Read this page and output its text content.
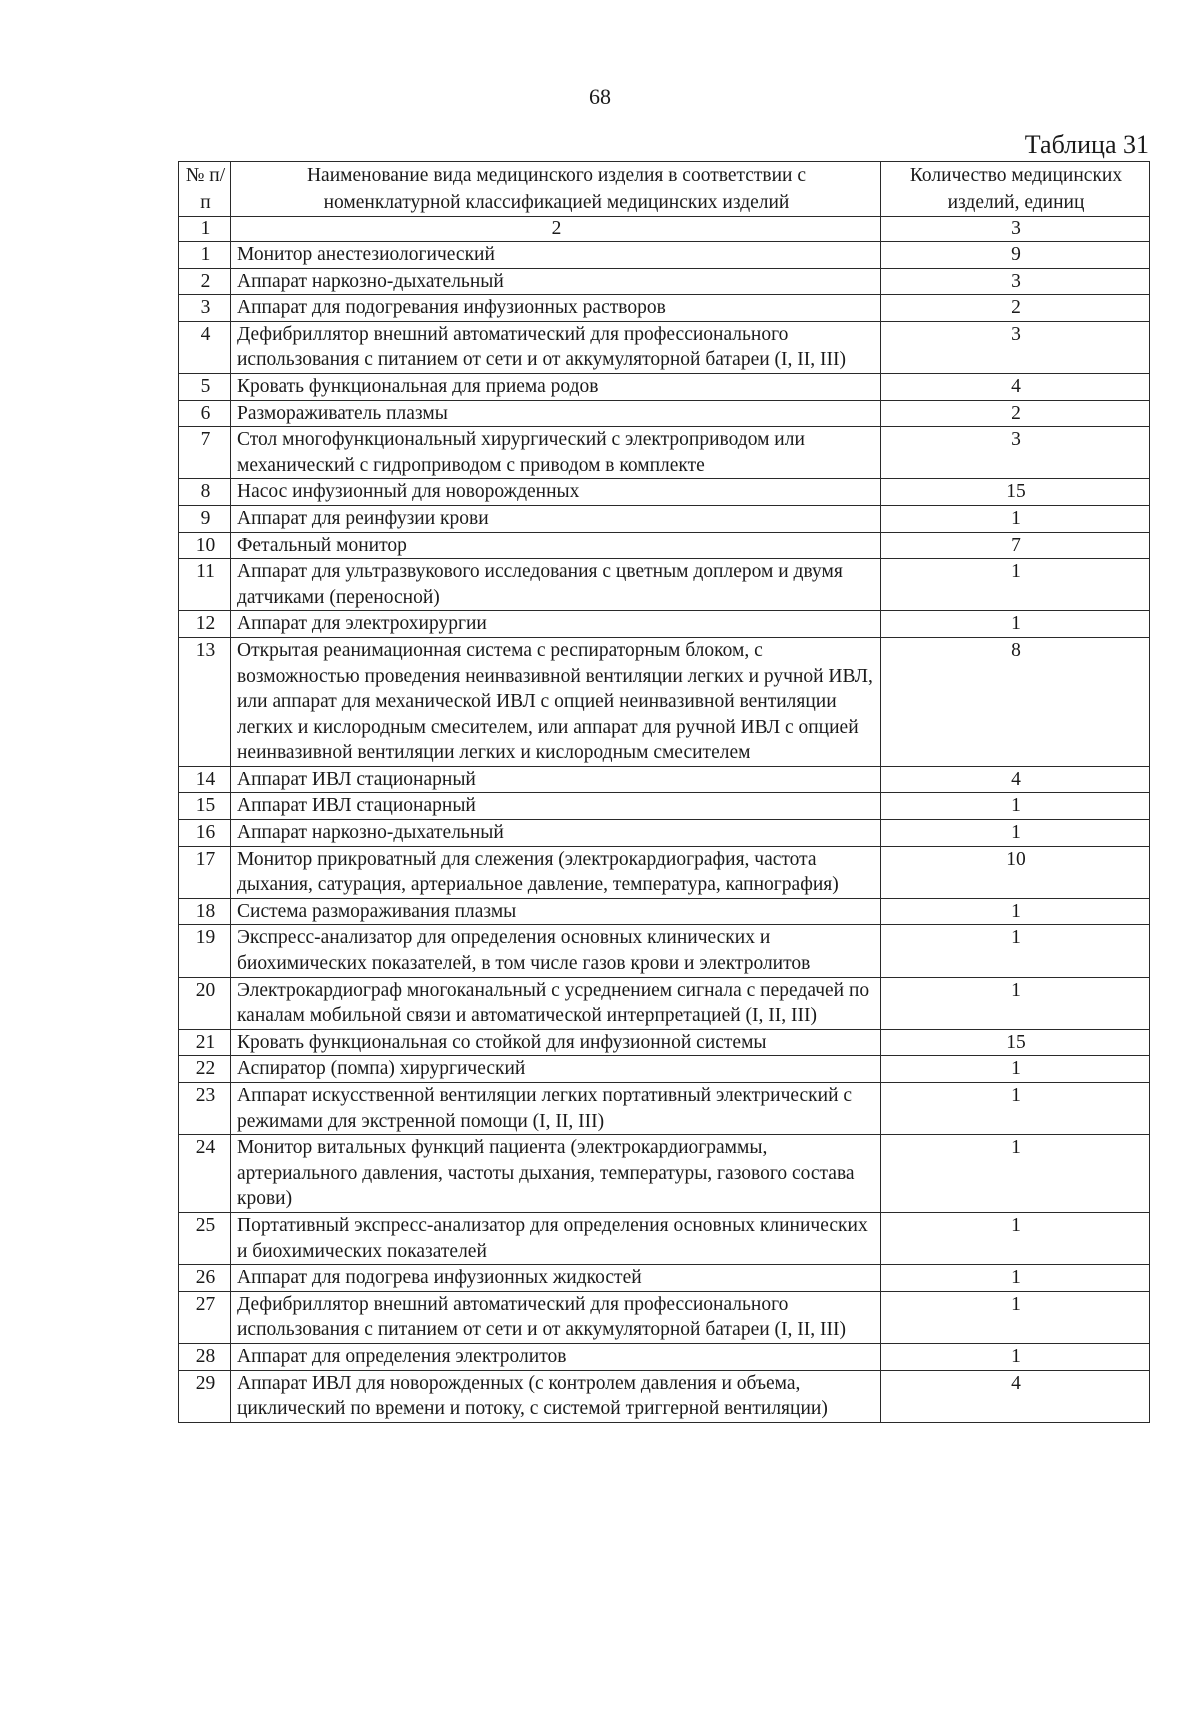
68
Таблица 31
№ п/п	Наименование вида медицинского изделия в соответствии с номенклатурной классификацией медицинских изделий	Количество медицинских изделий, единиц
1	2	3
1	Монитор анестезиологический	9
2	Аппарат наркозно-дыхательный	3
3	Аппарат для подогревания инфузионных растворов	2
4	Дефибриллятор внешний автоматический для профессионального использования с питанием от сети и от аккумуляторной батареи (I, II, III)	3
5	Кровать функциональная для приема родов	4
6	Размораживатель плазмы	2
7	Стол многофункциональный хирургический с электроприводом или механический с гидроприводом с приводом в комплекте	3
8	Насос инфузионный для новорожденных	15
9	Аппарат для реинфузии крови	1
10	Фетальный монитор	7
11	Аппарат для ультразвукового исследования с цветным доплером и двумя датчиками (переносной)	1
12	Аппарат для электрохирургии	1
13	Открытая реанимационная система с респираторным блоком, с возможностью проведения неинвазивной вентиляции легких и ручной ИВЛ, или аппарат для механической ИВЛ с опцией неинвазивной вентиляции легких и кислородным смесителем, или аппарат для ручной ИВЛ с опцией неинвазивной вентиляции легких и кислородным смесителем	8
14	Аппарат ИВЛ стационарный	4
15	Аппарат ИВЛ стационарный	1
16	Аппарат наркозно-дыхательный	1
17	Монитор прикроватный для слежения (электрокардиография, частота дыхания, сатурация, артериальное давление, температура, капнография)	10
18	Система размораживания плазмы	1
19	Экспресс-анализатор для определения основных клинических и биохимических показателей, в том числе газов крови и электролитов	1
20	Электрокардиограф многоканальный с усреднением сигнала с передачей по каналам мобильной связи и автоматической интерпретацией (I, II, III)	1
21	Кровать функциональная со стойкой для инфузионной системы	15
22	Аспиратор (помпа) хирургический	1
23	Аппарат искусственной вентиляции легких портативный электрический с режимами для экстренной помощи (I, II, III)	1
24	Монитор витальных функций пациента (электрокардиограммы, артериального давления, частоты дыхания, температуры, газового состава крови)	1
25	Портативный экспресс-анализатор для определения основных клинических и биохимических показателей	1
26	Аппарат для подогрева инфузионных жидкостей	1
27	Дефибриллятор внешний автоматический для профессионального использования с питанием от сети и от аккумуляторной батареи (I, II, III)	1
28	Аппарат для определения электролитов	1
29	Аппарат ИВЛ для новорожденных (с контролем давления и объема, циклический по времени и потоку, с системой триггерной вентиляции)	4
